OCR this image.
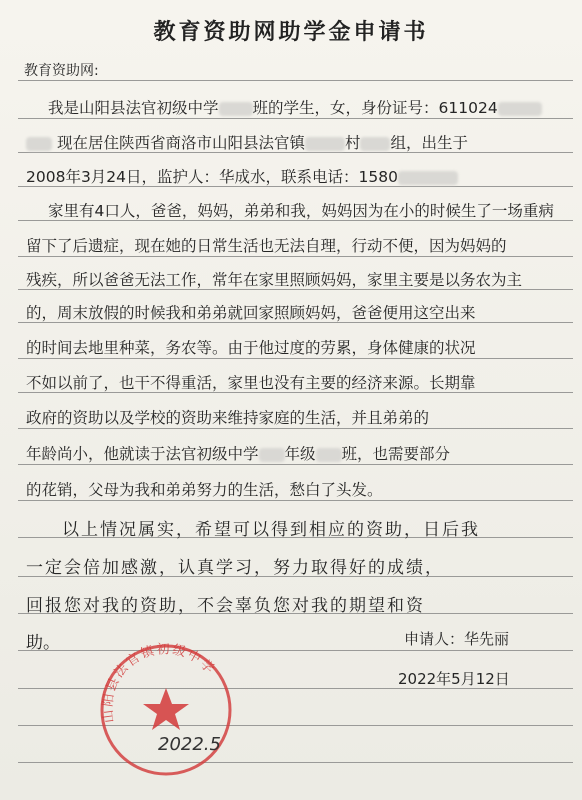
教育资助网助学金申请书
教育资助网:
我是山阳县法官初级中学 班的学生，女，身份证号：611024
现在居住陕西省商洛市山阳县法官镇	村 组，出生于
2008年3月24日，监护人：华成水，联系电话：1580
家里有4口人，爸爸，妈妈，弟弟和我，妈妈因为在小的时候生了一场重病
留下了后遗症，现在她的日常生活也无法自理，行动不便，因为妈妈的
残疾，所以爸爸无法工作，常年在家里照顾妈妈，家里主要是以务农为主
的，周末放假的时候我和弟弟就回家照顾妈妈，爸爸便用这空出来
的时间去地里种菜，务农等。由于他过度的劳累，身体健康的状况
不如以前了，也干不得重活，家里也没有主要的经济来源。长期靠
政府的资助以及学校的资助来维持家庭的生活，并且弟弟的
年龄尚小，他就读于法官初级中学 年级 班，也需要部分
的花销，父母为我和弟弟努力的生活，愁白了头发。
以上情况属实，希望可以得到相应的资助，日后我
一定会倍加感激，认真学习，努力取得好的成绩，
回报您对我的资助，不会辜负您对我的期望和资
助。	申请人：华先丽
2022年5月12日
山阳县法官镇初级中学
2022.5
